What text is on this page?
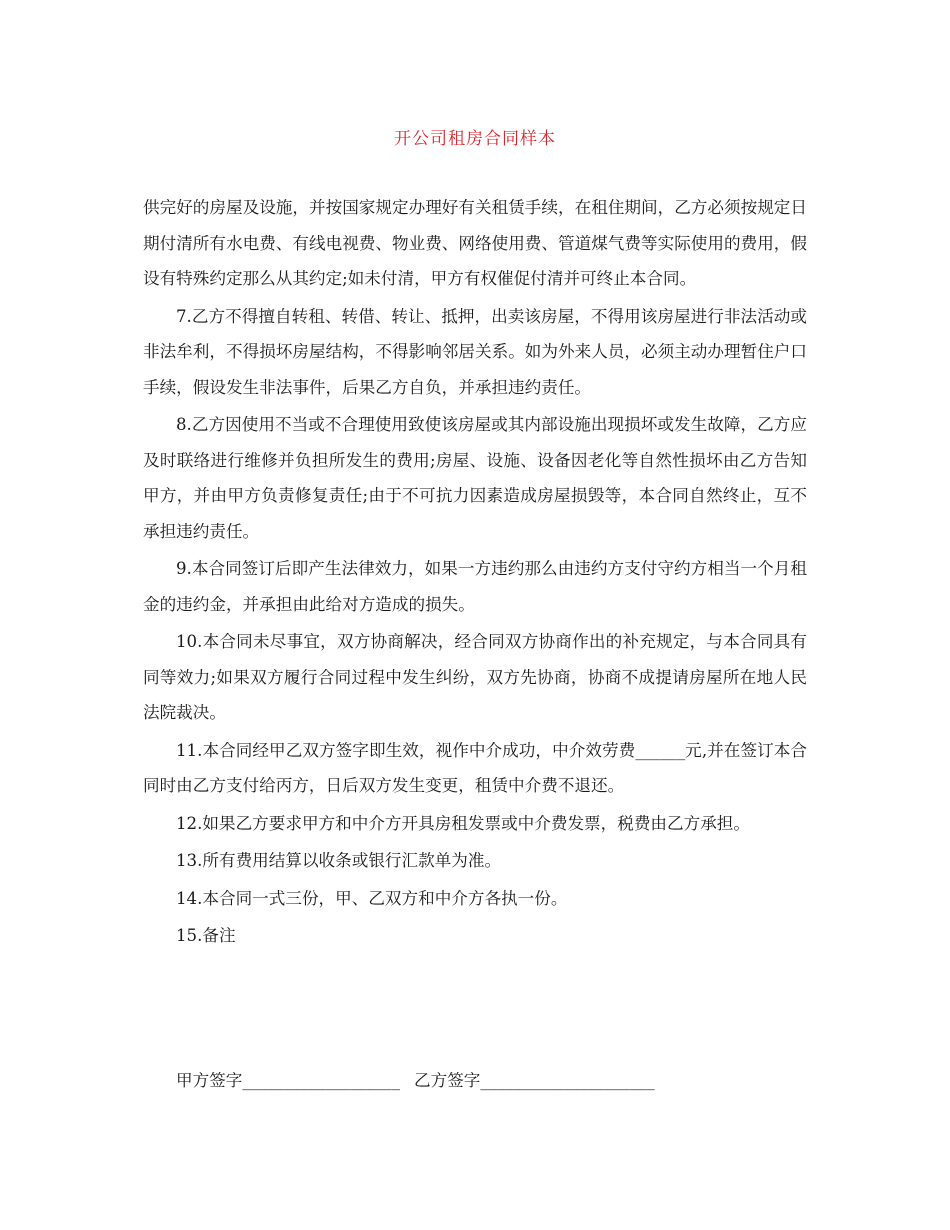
开公司租房合同样本

供完好的房屋及设施，并按国家规定办理好有关租赁手续，在租住期间，乙方必须按规定日期付清所有水电费、有线电视费、物业费、网络使用费、管道煤气费等实际使用的费用，假设有特殊约定那么从其约定;如未付清，甲方有权催促付清并可终止本合同。

7.乙方不得擅自转租、转借、转让、抵押，出卖该房屋，不得用该房屋进行非法活动或非法牟利，不得损坏房屋结构，不得影响邻居关系。如为外来人员，必须主动办理暂住户口手续，假设发生非法事件，后果乙方自负，并承担违约责任。

8.乙方因使用不当或不合理使用致使该房屋或其内部设施出现损坏或发生故障，乙方应及时联络进行维修并负担所发生的费用;房屋、设施、设备因老化等自然性损坏由乙方告知甲方，并由甲方负责修复责任;由于不可抗力因素造成房屋损毁等，本合同自然终止，互不承担违约责任。

9.本合同签订后即产生法律效力，如果一方违约那么由违约方支付守约方相当一个月租金的违约金，并承担由此给对方造成的损失。

10.本合同未尽事宜，双方协商解决，经合同双方协商作出的补充规定，与本合同具有同等效力;如果双方履行合同过程中发生纠纷，双方先协商，协商不成提请房屋所在地人民法院裁决。

11.本合同经甲乙双方签字即生效，视作中介成功，中介效劳费______元,并在签订本合同时由乙方支付给丙方，日后双方发生变更，租赁中介费不退还。

12.如果乙方要求甲方和中介方开具房租发票或中介费发票，税费由乙方承担。

13.所有费用结算以收条或银行汇款单为准。

14.本合同一式三份，甲、乙双方和中介方各执一份。

15.备注

甲方签字___________________ 乙方签字_____________________
